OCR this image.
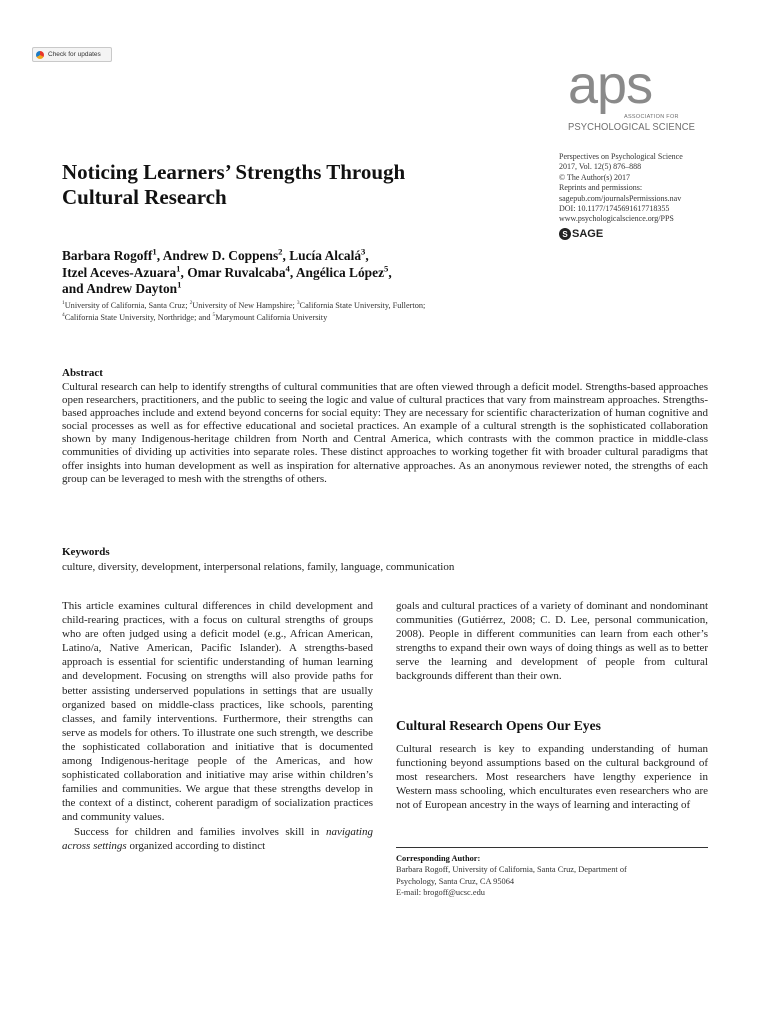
Check for updates
aps
ASSOCIATION FOR
PSYCHOLOGICAL SCIENCE
Perspectives on Psychological Science
2017, Vol. 12(5) 876–888
© The Author(s) 2017
Reprints and permissions:
sagepub.com/journalsPermissions.nav
DOI: 10.1177/1745691617718355
www.psychologicalscience.org/PPS
S SAGE
Noticing Learners’ Strengths Through
Cultural Research
Barbara Rogoff$^1$, Andrew D. Coppens$^2$, Lucía Alcalá$^3$,
Itzel Aceves-Azuara$^1$, Omar Ruvalcaba$^4$, Angélica López$^5$,
and Andrew Dayton$^1$
$^1$University of California, Santa Cruz; $^2$University of New Hampshire; $^3$California State University, Fullerton;
$^4$California State University, Northridge; and $^5$Marymount California University
Abstract
Cultural research can help to identify strengths of cultural communities that are often viewed through a deficit model. Strengths-based approaches open researchers, practitioners, and the public to seeing the logic and value of cultural practices that vary from mainstream approaches. Strengths-based approaches include and extend beyond concerns for social equity: They are necessary for scientific characterization of human cognitive and social processes as well as for effective educational and societal practices. An example of a cultural strength is the sophisticated collaboration shown by many Indigenous-heritage children from North and Central America, which contrasts with the common practice in middle-class communities of dividing up activities into separate roles. These distinct approaches to working together fit with broader cultural paradigms that offer insights into human development as well as inspiration for alternative approaches. As an anonymous reviewer noted, the strengths of each group can be leveraged to mesh with the strengths of others.
Keywords
culture, diversity, development, interpersonal relations, family, language, communication

This article examines cultural differences in child development and child-rearing practices, with a focus on cultural strengths of groups who are often judged using a deficit model (e.g., African American, Latino/a, Native American, Pacific Islander). A strengths-based approach is essential for scientific understanding of human learning and development. Focusing on strengths will also provide paths for better assisting underserved populations in settings that are usually organized based on middle-class practices, like schools, parenting classes, and family interventions. Furthermore, their strengths can serve as models for others. To illustrate one such strength, we describe the sophisticated collaboration and initiative that is documented among Indigenous-heritage people of the Americas, and how sophisticated collaboration and initiative may arise within children’s families and communities. We argue that these strengths develop in the context of a distinct, coherent paradigm of socialization practices and community values.

Success for children and families involves skill in navigating across settings organized according to distinct

goals and cultural practices of a variety of dominant and nondominant communities (Gutiérrez, 2008; C. D. Lee, personal communication, 2008). People in different communities can learn from each other’s strengths to expand their own ways of doing things as well as to better serve the learning and development of people from cultural backgrounds different than their own.

Cultural Research Opens Our Eyes

Cultural research is key to expanding understanding of human functioning beyond assumptions based on the cultural background of most researchers. Most researchers have lengthy experience in Western mass schooling, which enculturates even researchers who are not of European ancestry in the ways of learning and interacting of

Corresponding Author:
Barbara Rogoff, University of California, Santa Cruz, Department of
Psychology, Santa Cruz, CA 95064
E-mail: brogoff@ucsc.edu
